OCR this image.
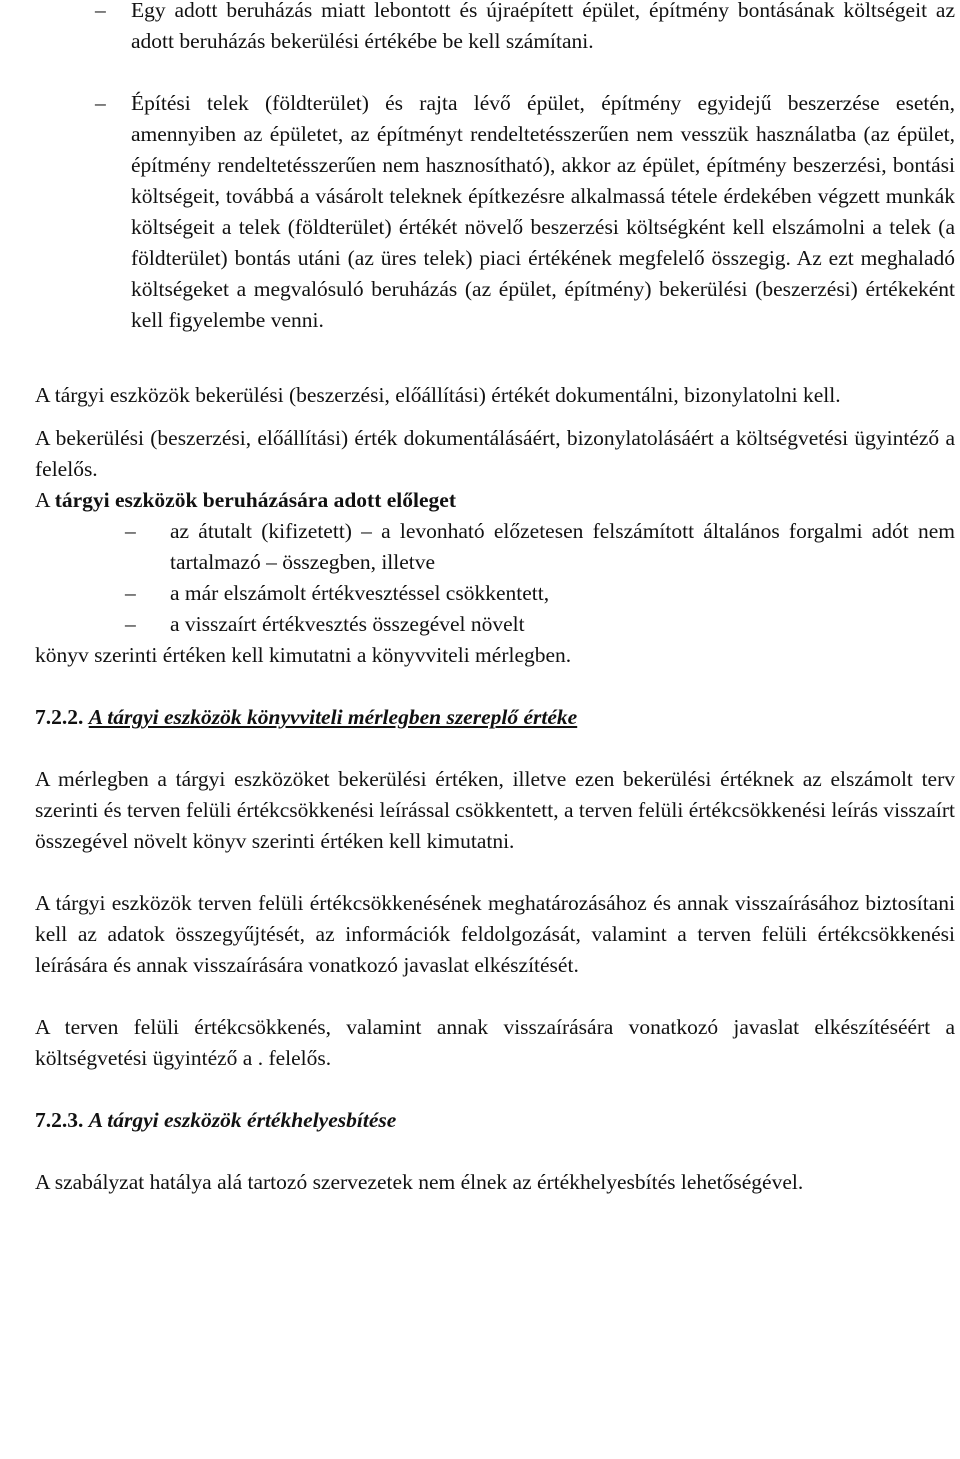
–	Egy adott beruházás miatt lebontott és újraépített épület, építmény bontásának költségeit az adott beruházás bekerülési értékébe be kell számítani.

–	Építési telek (földterület) és rajta lévő épület, építmény egyidejű beszerzése esetén, amennyiben az épületet, az építményt rendeltetésszerűen nem vesszük használatba (az épület, építmény rendeltetésszerűen nem hasznosítható), akkor az épület, építmény beszerzési, bontási költségeit, továbbá a vásárolt teleknek építkezésre alkalmassá tétele érdekében végzett munkák költségeit a telek (földterület) értékét növelő beszerzési költségként kell elszámolni a telek (a földterület) bontás utáni (az üres telek) piaci értékének megfelelő összegig. Az ezt meghaladó költségeket a megvalósuló beruházás (az épület, építmény) bekerülési (beszerzési) értékeként kell figyelembe venni.

A tárgyi eszközök bekerülési (beszerzési, előállítási) értékét dokumentálni, bizonylatolni kell.

A bekerülési (beszerzési, előállítási) érték dokumentálásáért, bizonylatolásáért a költségvetési ügyintéző a felelős.

A tárgyi eszközök beruházására adott előleget

–	az átutalt (kifizetett) – a levonható előzetesen felszámított általános forgalmi adót nem tartalmazó – összegben, illetve

–	a már elszámolt értékvesztéssel csökkentett,

–	a visszaírt értékvesztés összegével növelt

könyv szerinti értéken kell kimutatni a könyvviteli mérlegben.

7.2.2. A tárgyi eszközök könyvviteli mérlegben szereplő értéke

A mérlegben a tárgyi eszközöket bekerülési értéken, illetve ezen bekerülési értéknek az elszámolt terv szerinti és terven felüli értékcsökkenési leírással csökkentett, a terven felüli értékcsökkenési leírás visszaírt összegével növelt könyv szerinti értéken kell kimutatni.

A tárgyi eszközök terven felüli értékcsökkenésének meghatározásához és annak visszaírásához biztosítani kell az adatok összegyűjtését, az információk feldolgozását, valamint a terven felüli értékcsökkenési leírására és annak visszaírására vonatkozó javaslat elkészítését.

A terven felüli értékcsökkenés, valamint annak visszaírására vonatkozó javaslat elkészítéséért a költségvetési ügyintéző a . felelős.

7.2.3. A tárgyi eszközök értékhelyesbítése

A szabályzat hatálya alá tartozó szervezetek nem élnek az értékhelyesbítés lehetőségével.
